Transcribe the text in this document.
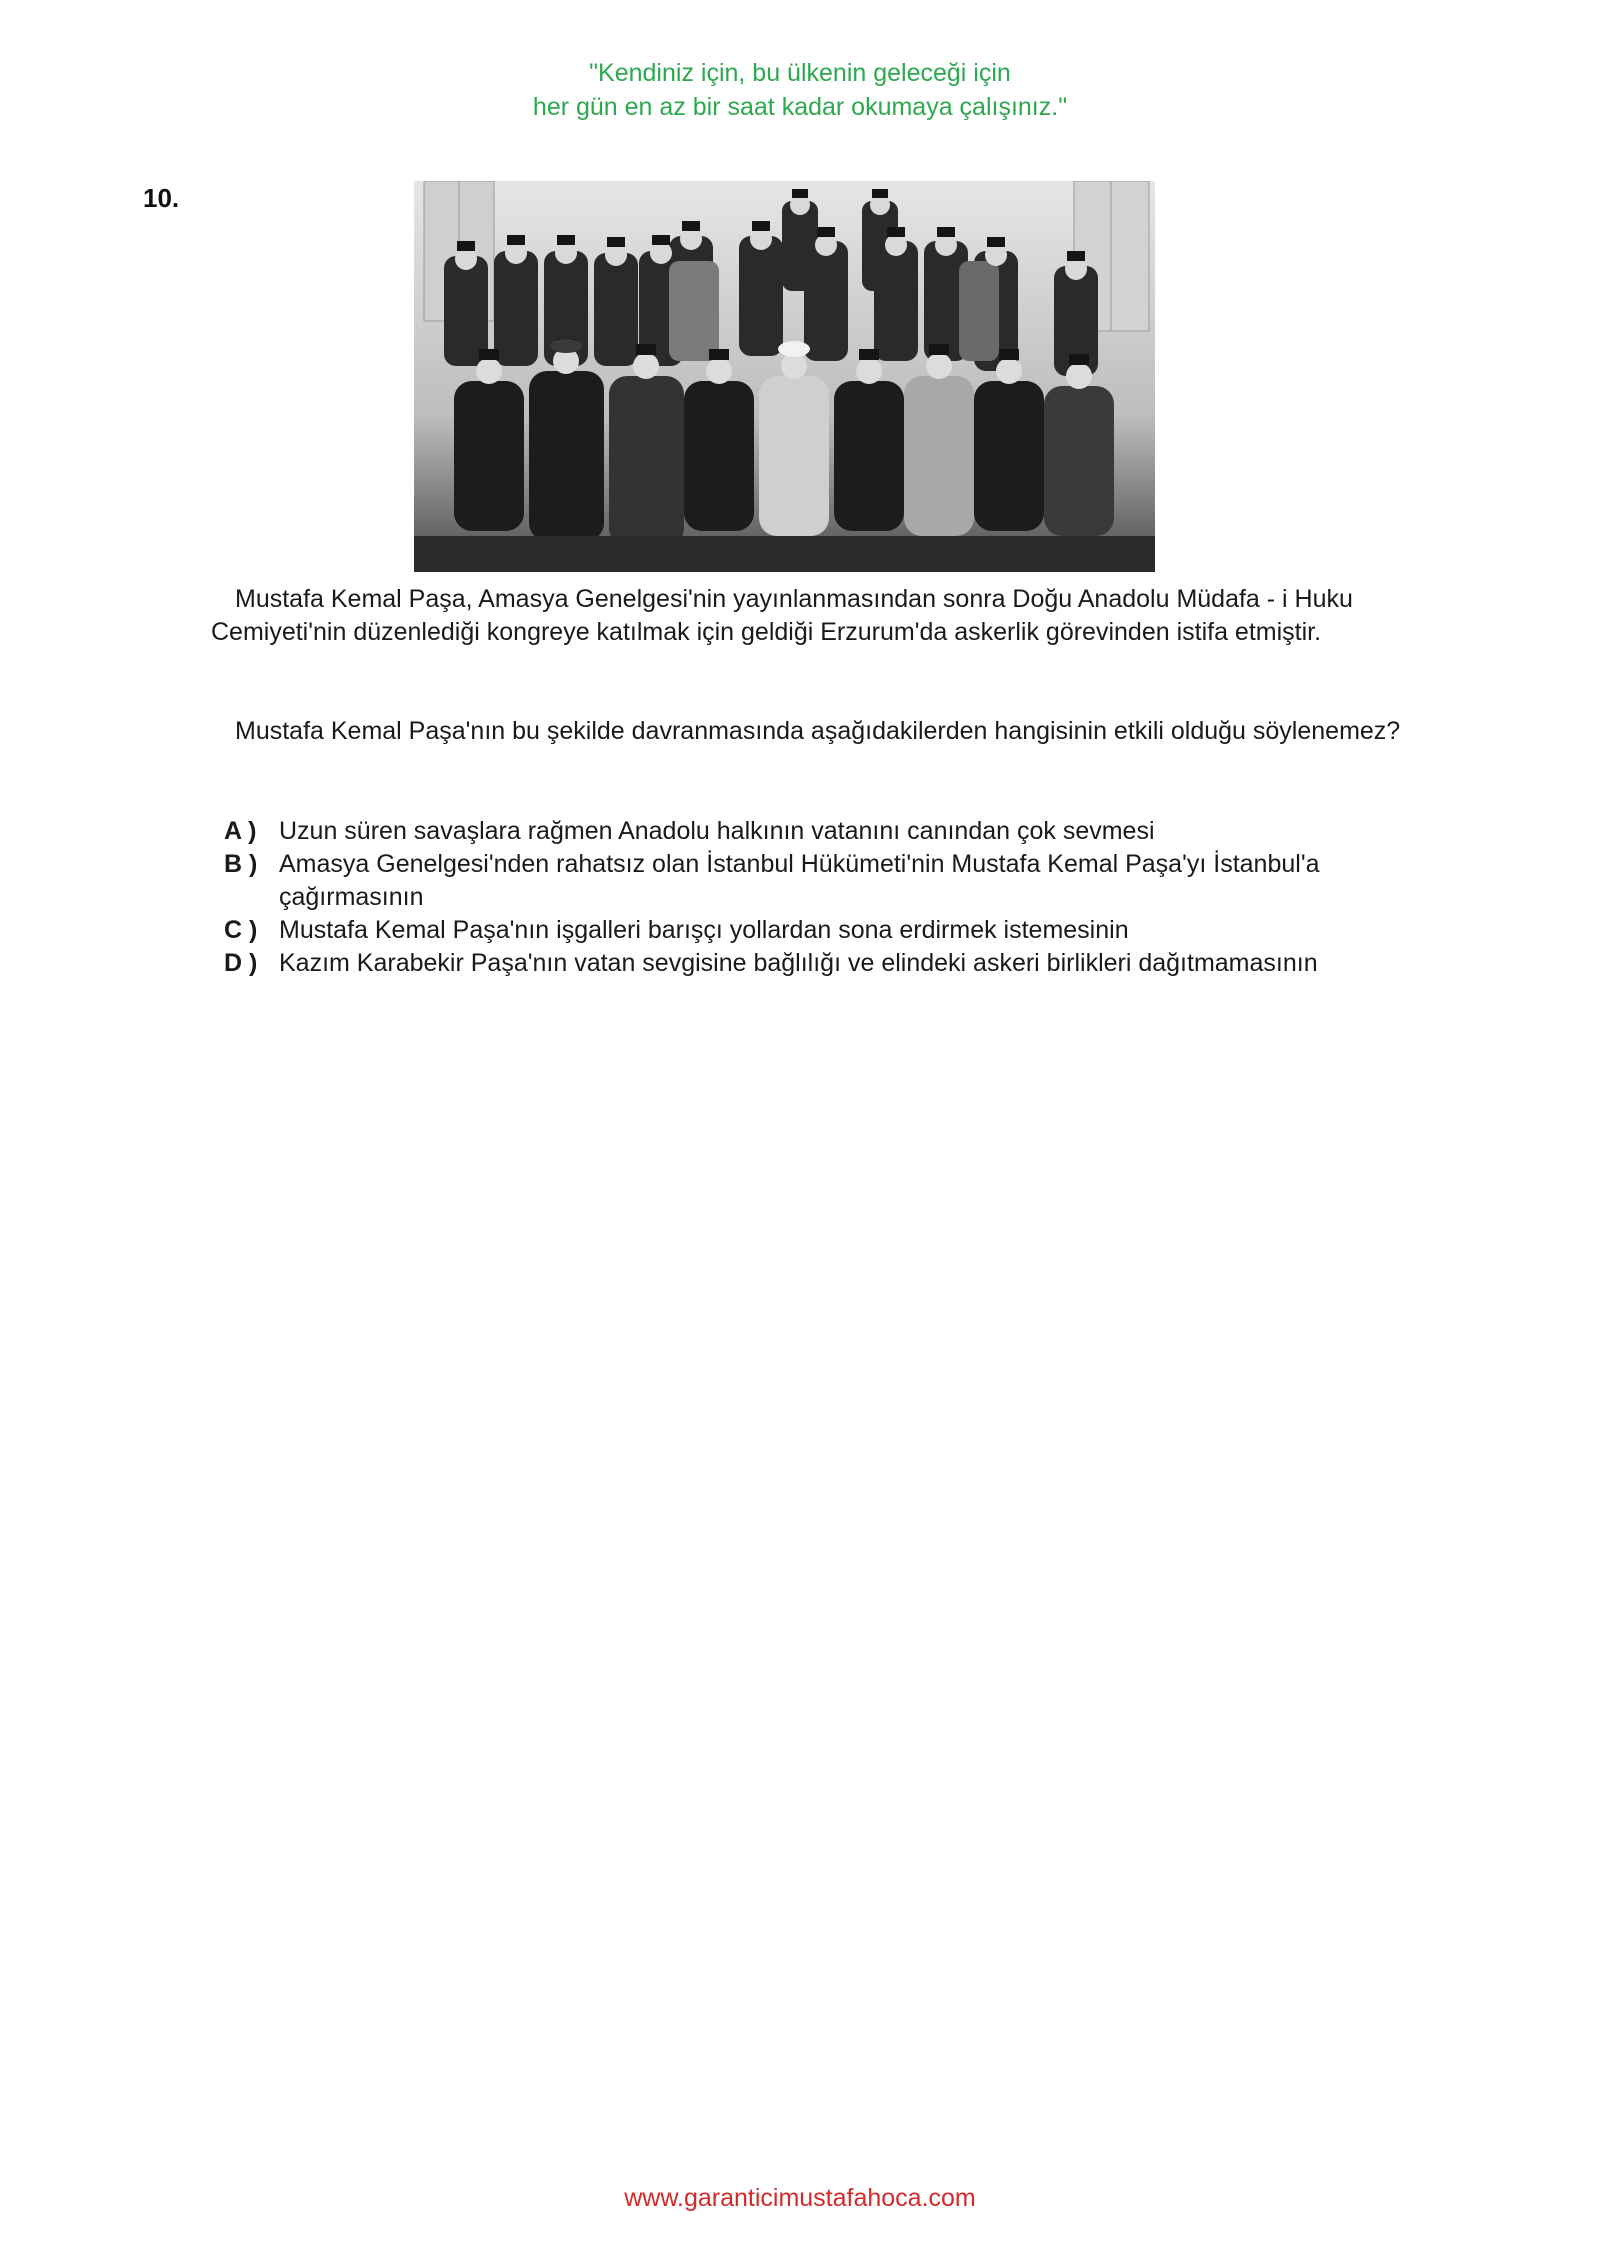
"Kendiniz için, bu ülkenin geleceği için
her gün en az bir saat kadar okumaya çalışınız."
10.

Mustafa Kemal Paşa, Amasya Genelgesi'nin yayınlanmasından sonra Doğu Anadolu Müdafa - i Huku Cemiyeti'nin düzenlediği kongreye katılmak için geldiği Erzurum'da askerlik görevinden istifa etmiştir.

Mustafa Kemal Paşa'nın bu şekilde davranmasında aşağıdakilerden hangisinin etkili olduğu söylenemez?

A ) Uzun süren savaşlara rağmen Anadolu halkının vatanını canından çok sevmesi
B ) Amasya Genelgesi'nden rahatsız olan İstanbul Hükümeti'nin Mustafa Kemal Paşa'yı İstanbul'a çağırmasının
C ) Mustafa Kemal Paşa'nın işgalleri barışçı yollardan sona erdirmek istemesinin
D ) Kazım Karabekir Paşa'nın vatan sevgisine bağlılığı ve elindeki askeri birlikleri dağıtmamasının
www.garanticimustafahoca.com
